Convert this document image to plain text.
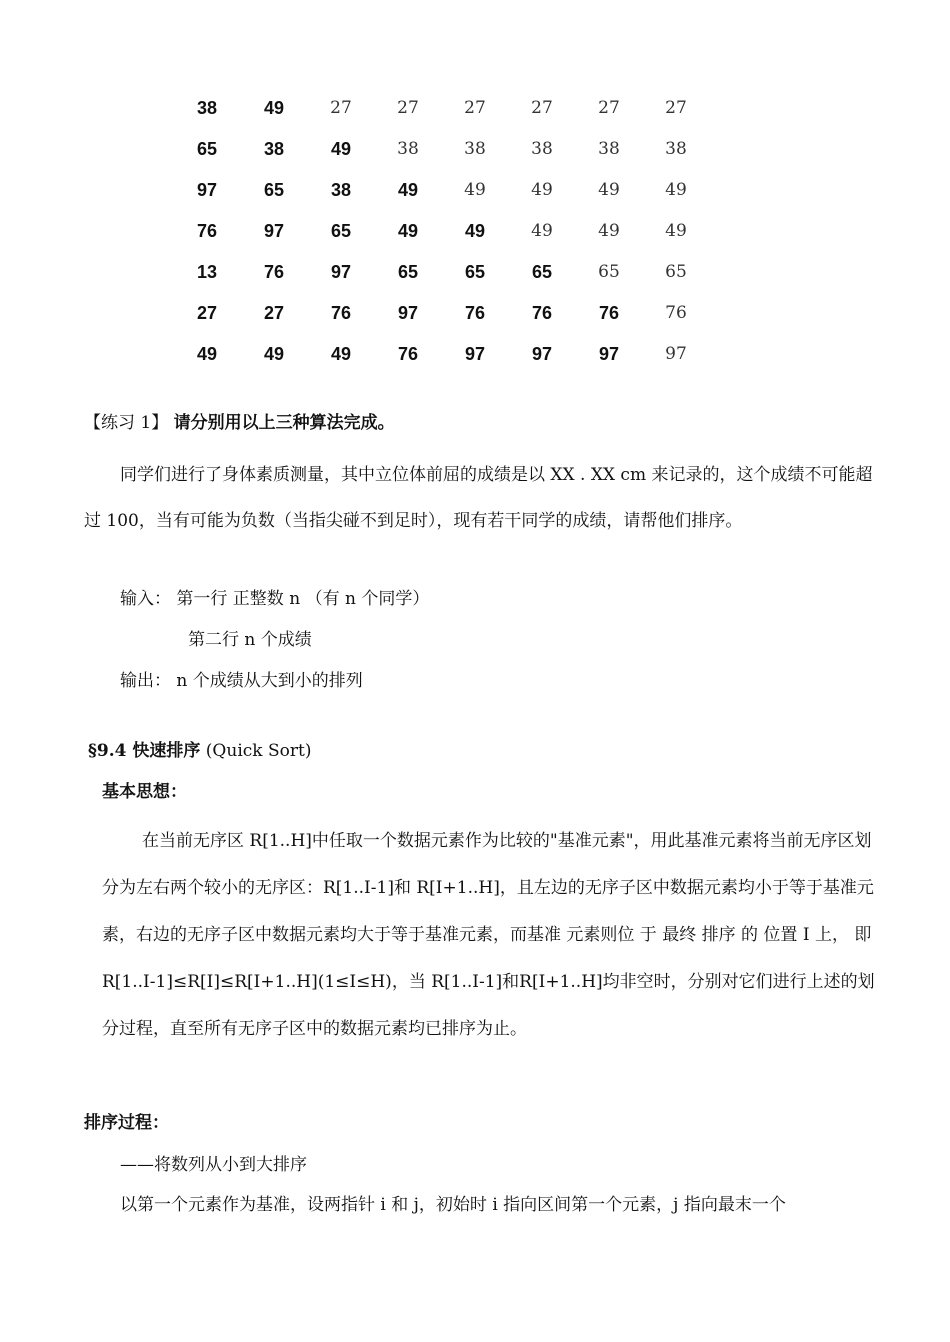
38	49	27	27	27	27	27	27
65	38	49	38	38	38	38	38
97	65	38	49	49	49	49	49
76	97	65	49	49	49	49	49
13	76	97	65	65	65	65	65
27	27	76	97	76	76	76	76
49	49	49	76	97	97	97	97
【练习 1】 请分别用以上三种算法完成。
同学们进行了身体素质测量，其中立位体前屈的成绩是以 XX . XX cm 来记录的，这个成绩不可能超过 100，当有可能为负数（当指尖碰不到足时），现有若干同学的成绩，请帮他们排序。
输入： 第一行 正整数 n （有 n 个同学）
第二行 n 个成绩
输出： n 个成绩从大到小的排列
§9.4 快速排序 (Quick Sort)
基本思想：
在当前无序区 R[1..H]中任取一个数据元素作为比较的"基准元素"，用此基准元素将当前无序区划分为左右两个较小的无序区：R[1..I-1]和 R[I+1..H]，且左边的无序子区中数据元素均小于等于基准元素，右边的无序子区中数据元素均大于等于基准元素，而基准 元素则位 于 最终 排序 的 位置 I 上， 即 R[1..I-1]≤R[I]≤R[I+1..H](1≤I≤H)，当 R[1..I-1]和R[I+1..H]均非空时，分别对它们进行上述的划分过程，直至所有无序子区中的数据元素均已排序为止。
排序过程：
——将数列从小到大排序
以第一个元素作为基准，设两指针 i 和 j，初始时 i 指向区间第一个元素，j 指向最末一个
